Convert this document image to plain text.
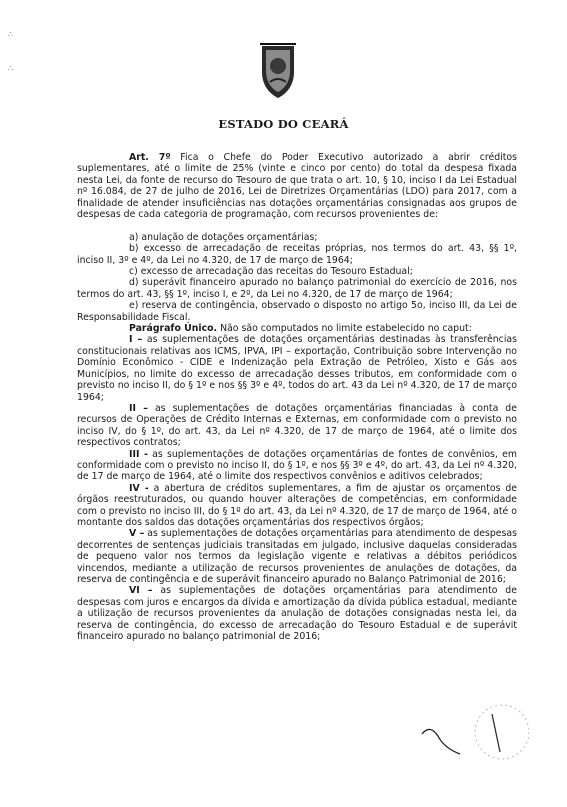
∴
∴
ESTADO DO CEARÁ

Art. 7º Fica o Chefe do Poder Executivo autorizado a abrir créditos suplementares, até o limite de 25% (vinte e cinco por cento) do total da despesa fixada nesta Lei, da fonte de recurso do Tesouro de que trata o art. 10, § 10, inciso I da Lei Estadual nº 16.084, de 27 de julho de 2016, Lei de Diretrizes Orçamentárias (LDO) para 2017, com a finalidade de atender insuficiências nas dotações orçamentárias consignadas aos grupos de despesas de cada categoria de programação, com recursos provenientes de:

a) anulação de dotações orçamentárias;

b) excesso de arrecadação de receitas próprias, nos termos do art. 43, §§ 1º, inciso II, 3º e 4º, da Lei no 4.320, de 17 de março de 1964;

c) excesso de arrecadação das receitas do Tesouro Estadual;

d) superávit financeiro apurado no balanço patrimonial do exercício de 2016, nos termos do art. 43, §§ 1º, inciso I, e 2º, da Lei no 4.320, de 17 de março de 1964;

e) reserva de contingência, observado o disposto no artigo 5o, inciso III, da Lei de Responsabilidade Fiscal.

Parágrafo Único. Não são computados no limite estabelecido no caput:

I – as suplementações de dotações orçamentárias destinadas às transferências constitucionais relativas aos ICMS, IPVA, IPI – exportação, Contribuição sobre Intervenção no Domínio Econômico - CIDE e Indenização pela Extração de Petróleo, Xisto e Gás aos Municípios, no limite do excesso de arrecadação desses tributos, em conformidade com o previsto no inciso II, do § 1º e nos §§ 3º e 4º, todos do art. 43 da Lei nº 4.320, de 17 de março 1964;

II – as suplementações de dotações orçamentárias financiadas à conta de recursos de Operações de Crédito Internas e Externas, em conformidade com o previsto no inciso IV, do § 1º, do art. 43, da Lei nº 4.320, de 17 de março de 1964, até o limite dos respectivos contratos;

III - as suplementações de dotações orçamentárias de fontes de convênios, em conformidade com o previsto no inciso II, do § 1º, e nos §§ 3º e 4º, do art. 43, da Lei nº 4.320, de 17 de março de 1964, até o limite dos respectivos convênios e aditivos celebrados;

IV - a abertura de créditos suplementares, a fim de ajustar os orçamentos de órgãos reestruturados, ou quando houver alterações de competências, em conformidade com o previsto no inciso III, do § 1º do art. 43, da Lei nº 4.320, de 17 de março de 1964, até o montante dos saldos das dotações orçamentárias dos respectivos órgãos;

V – as suplementações de dotações orçamentárias para atendimento de despesas decorrentes de sentenças judiciais transitadas em julgado, inclusive daquelas consideradas de pequeno valor nos termos da legislação vigente e relativas a débitos periódicos vincendos, mediante a utilização de recursos provenientes de anulações de dotações, da reserva de contingência e de superávit financeiro apurado no Balanço Patrimonial de 2016;

VI – as suplementações de dotações orçamentárias para atendimento de despesas com juros e encargos da dívida e amortização da dívida pública estadual, mediante a utilização de recursos provenientes da anulação de dotações consignadas nesta lei, da reserva de contingência, do excesso de arrecadação do Tesouro Estadual e de superávit financeiro apurado no balanço patrimonial de 2016;
